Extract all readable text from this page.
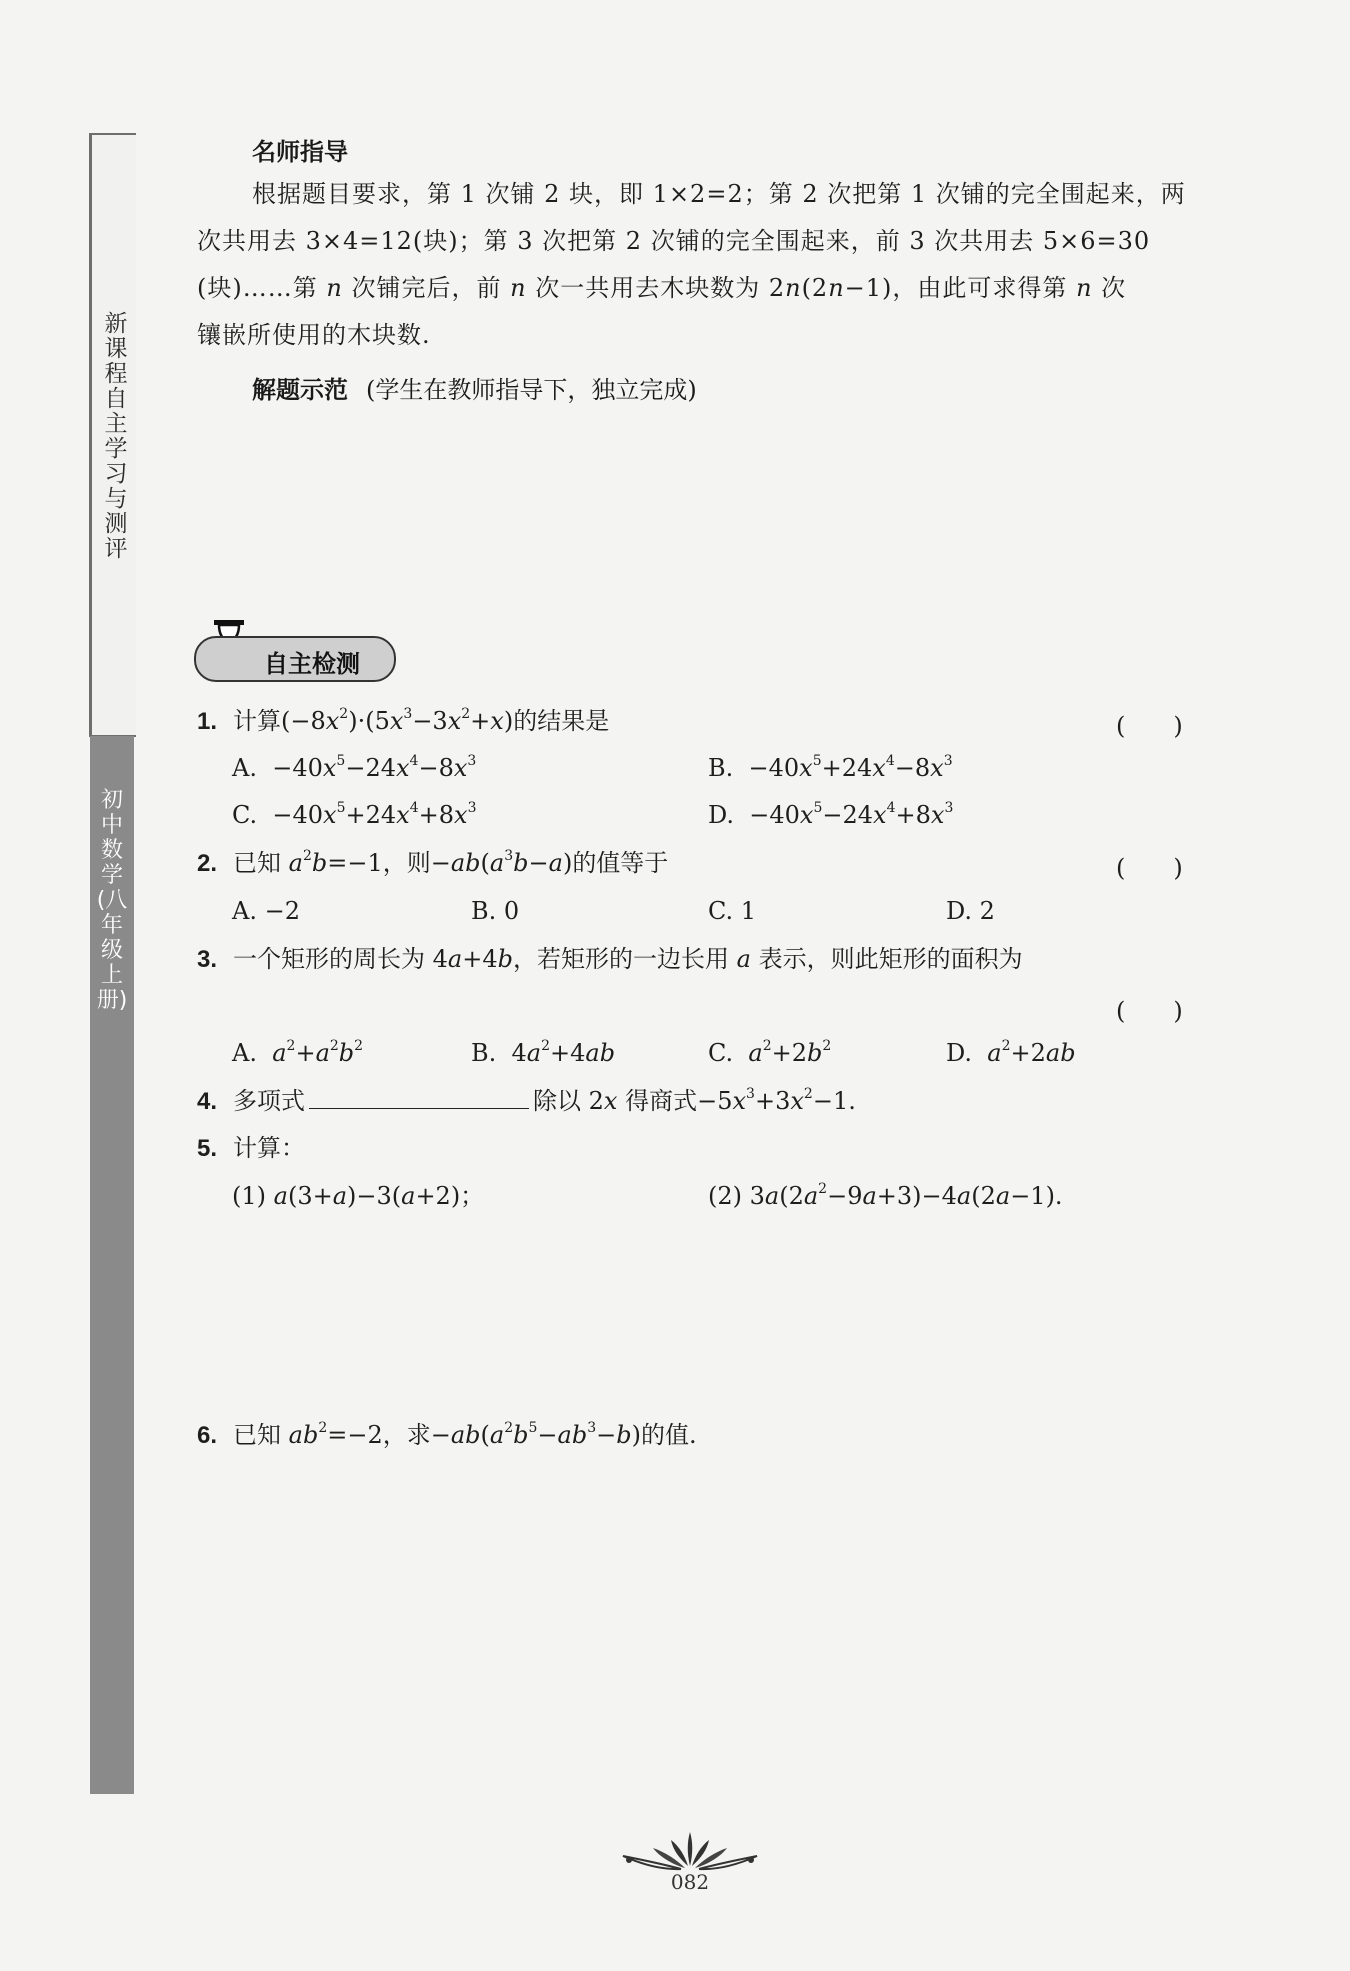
新课程自主学习与测评
初中数学(八年级上册)
名师指导
根据题目要求，第 1 次铺 2 块，即 1×2=2；第 2 次把第 1 次铺的完全围起来，两
次共用去 3×4=12(块)；第 3 次把第 2 次铺的完全围起来，前 3 次共用去 5×6=30
(块)……第 n 次铺完后，前 n 次一共用去木块数为 2n(2n−1)，由此可求得第 n 次
镶嵌所使用的木块数.
解题示范 (学生在教师指导下，独立完成)
自主检测
1. 计算$(-8x^2)\cdot(5x^3-3x^2+x)$的结果是	(　　)
A.  $-40x^5-24x^4-8x^3$	B.  $-40x^5+24x^4-8x^3$
C.  $-40x^5+24x^4+8x^3$	D.  $-40x^5-24x^4+8x^3$
2. 已知 $a^2b=-1$，则$-ab(a^3b-a)$的值等于	(　　)
A. −2	B. 0	C. 1	D. 2
3. 一个矩形的周长为 4a+4b，若矩形的一边长用 a 表示，则此矩形的面积为
(　　)
A.  $a^2+a^2b^2$	B.  $4a^2+4ab$	C.  $a^2+2b^2$	D.  $a^2+2ab$
4. 多项式	除以 2x 得商式$-5x^3+3x^2-1$.
5. 计算：
(1) a(3+a)−3(a+2)；	(2) $3a(2a^2-9a+3)-4a(2a-1)$.
6. 已知 $ab^2=-2$，求$-ab(a^2b^5-ab^3-b)$的值.
082
